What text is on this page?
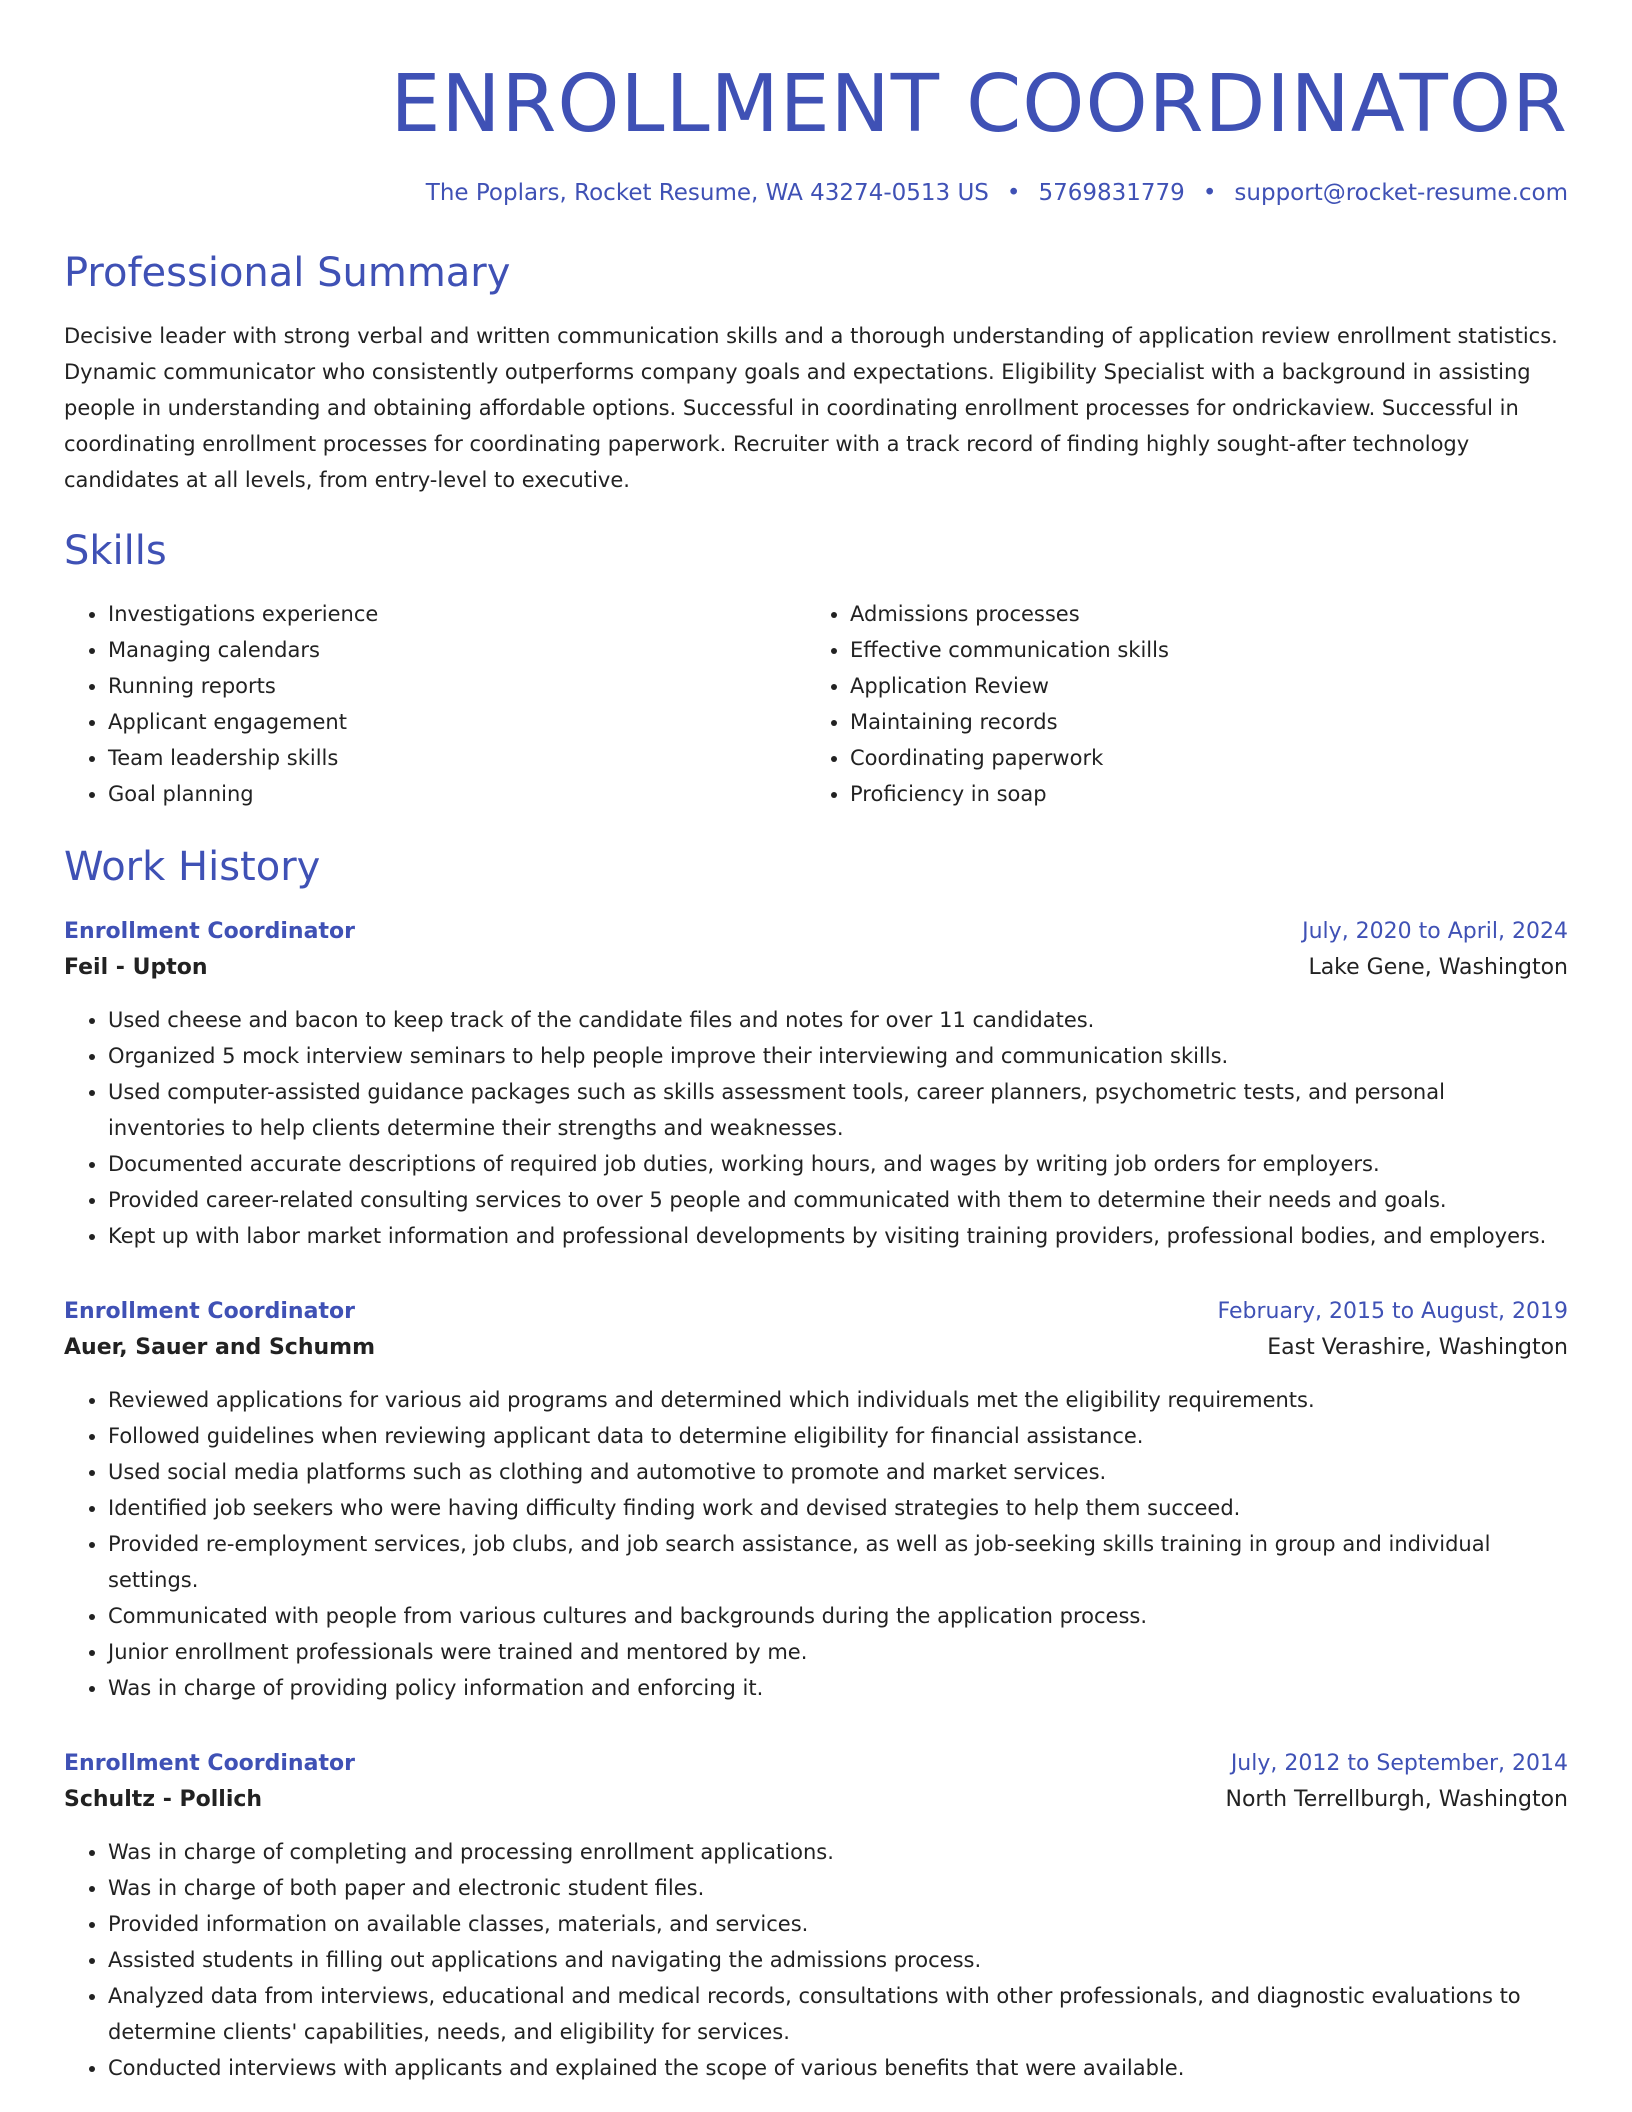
ENROLLMENT COORDINATOR
The Poplars, Rocket Resume, WA 43274-0513 US • 5769831779 • support@rocket-resume.com
Professional Summary
Decisive leader with strong verbal and written communication skills and a thorough understanding of application review enrollment statistics. Dynamic communicator who consistently outperforms company goals and expectations. Eligibility Specialist with a background in assisting people in understanding and obtaining affordable options. Successful in coordinating enrollment processes for ondrickaview. Successful in coordinating enrollment processes for coordinating paperwork. Recruiter with a track record of finding highly sought-after technology candidates at all levels, from entry-level to executive.
Skills
• Investigations experience
• Managing calendars
• Running reports
• Applicant engagement
• Team leadership skills
• Goal planning
• Admissions processes
• Effective communication skills
• Application Review
• Maintaining records
• Coordinating paperwork
• Proficiency in soap
Work History
Enrollment Coordinator	July, 2020 to April, 2024
Feil - Upton	Lake Gene, Washington
• Used cheese and bacon to keep track of the candidate files and notes for over 11 candidates.
• Organized 5 mock interview seminars to help people improve their interviewing and communication skills.
• Used computer-assisted guidance packages such as skills assessment tools, career planners, psychometric tests, and personal inventories to help clients determine their strengths and weaknesses.
• Documented accurate descriptions of required job duties, working hours, and wages by writing job orders for employers.
• Provided career-related consulting services to over 5 people and communicated with them to determine their needs and goals.
• Kept up with labor market information and professional developments by visiting training providers, professional bodies, and employers.
Enrollment Coordinator	February, 2015 to August, 2019
Auer, Sauer and Schumm	East Verashire, Washington
• Reviewed applications for various aid programs and determined which individuals met the eligibility requirements.
• Followed guidelines when reviewing applicant data to determine eligibility for financial assistance.
• Used social media platforms such as clothing and automotive to promote and market services.
• Identified job seekers who were having difficulty finding work and devised strategies to help them succeed.
• Provided re-employment services, job clubs, and job search assistance, as well as job-seeking skills training in group and individual settings.
• Communicated with people from various cultures and backgrounds during the application process.
• Junior enrollment professionals were trained and mentored by me.
• Was in charge of providing policy information and enforcing it.
Enrollment Coordinator	July, 2012 to September, 2014
Schultz - Pollich	North Terrellburgh, Washington
• Was in charge of completing and processing enrollment applications.
• Was in charge of both paper and electronic student files.
• Provided information on available classes, materials, and services.
• Assisted students in filling out applications and navigating the admissions process.
• Analyzed data from interviews, educational and medical records, consultations with other professionals, and diagnostic evaluations to determine clients' capabilities, needs, and eligibility for services.
• Conducted interviews with applicants and explained the scope of various benefits that were available.
